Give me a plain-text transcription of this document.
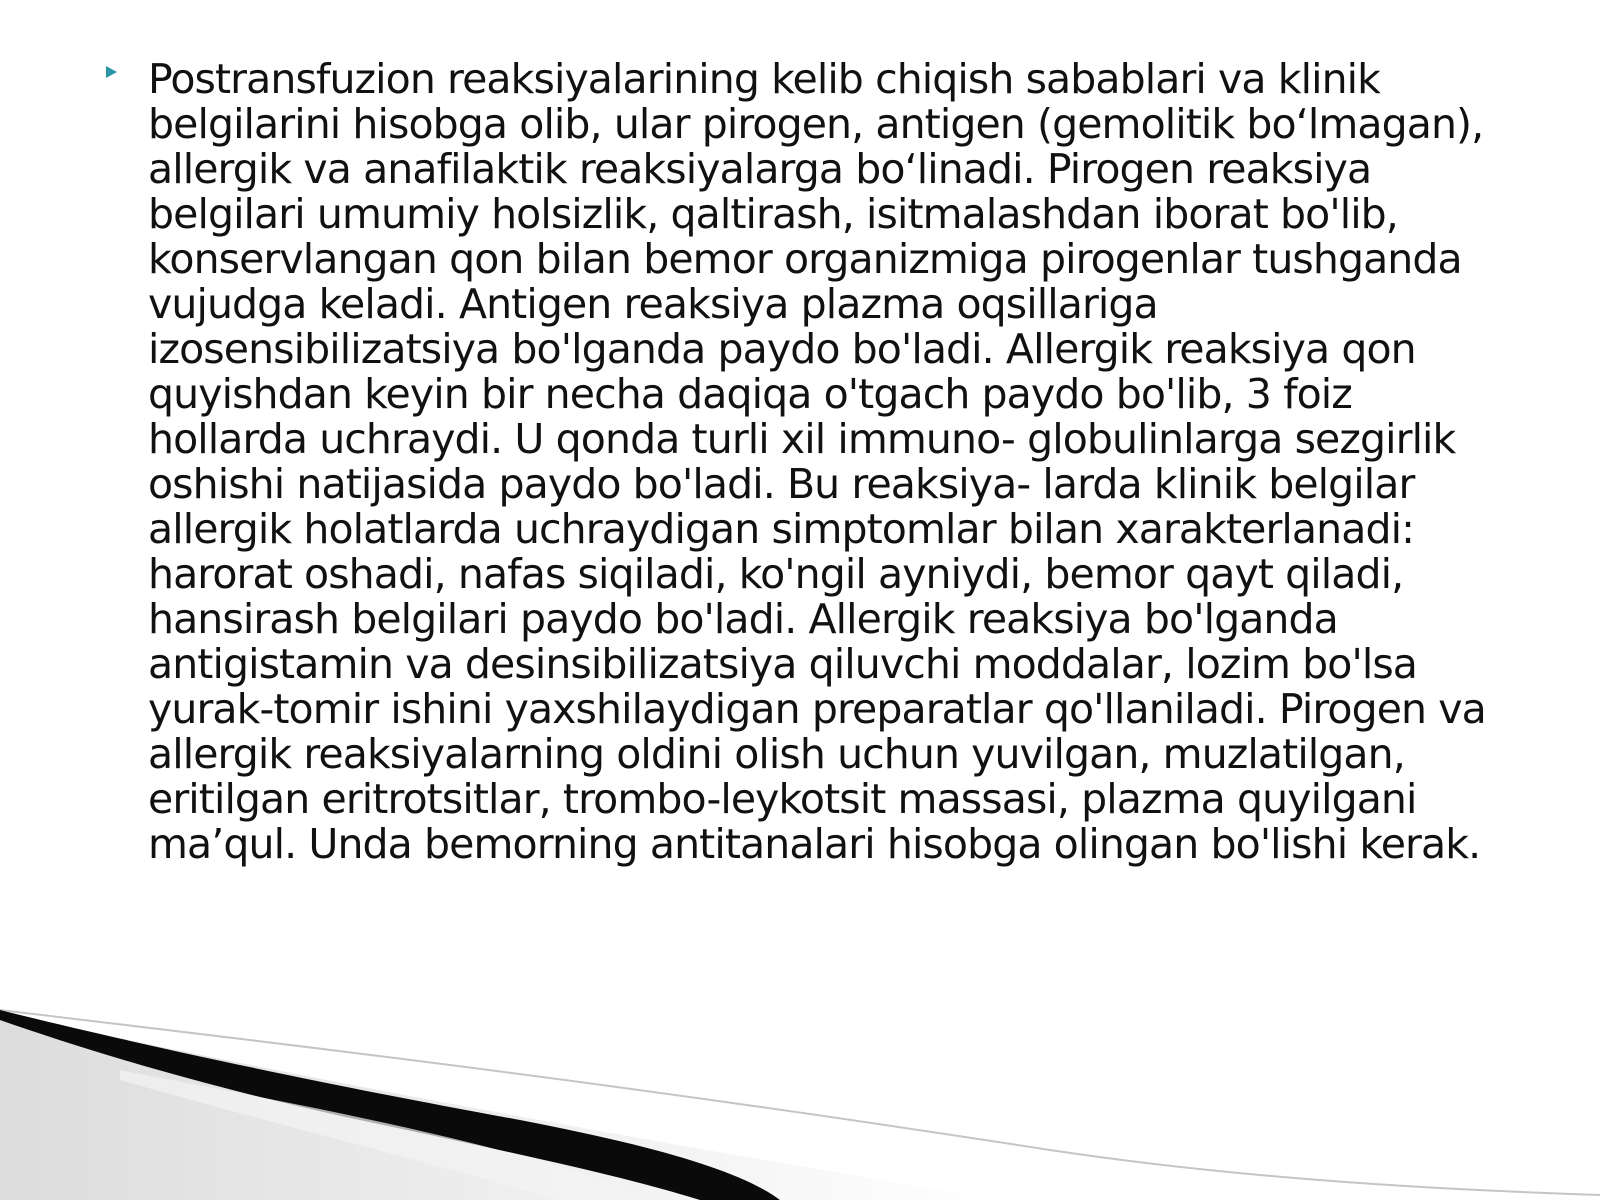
Postransfuzion reaksiyalarining kelib chiqish sabablari va klinik belgilarini hisobga olib, ular pirogen, antigen (gemolitik bo‘lmagan), allergik va anafilaktik reaksiyalarga bo‘linadi. Pirogen reaksiya belgilari umumiy holsizlik, qaltirash, isitmalashdan iborat bo'lib, konservlangan qon bilan bemor organizmiga pirogenlar tushganda vujudga keladi. Antigen reaksiya plazma oqsillariga izosensibilizatsiya bo'lganda paydo bo'ladi. Allergik reaksiya qon quyishdan keyin bir necha daqiqa o'tgach paydo bo'lib, 3 foiz hollarda uchraydi. U qonda turli xil immuno- globulinlarga sezgirlik oshishi natijasida paydo bo'ladi. Bu reaksiya- larda klinik belgilar allergik holatlarda uchraydigan simptomlar bilan xarakterlanadi: harorat oshadi, nafas siqiladi, ko'ngil ayniydi, bemor qayt qiladi, hansirash belgilari paydo bo'ladi. Allergik reaksiya bo'lganda antigistamin va desinsibilizatsiya qiluvchi moddalar, lozim bo'lsa yurak-tomir ishini yaxshilaydigan preparatlar qo'llaniladi. Pirogen va allergik reaksiyalarning oldini olish uchun yuvilgan, muzlatilgan, eritilgan eritrotsitlar, trombo-leykotsit massasi, plazma quyilgani ma’qul. Unda bemorning antitanalari hisobga olingan bo'lishi kerak.
